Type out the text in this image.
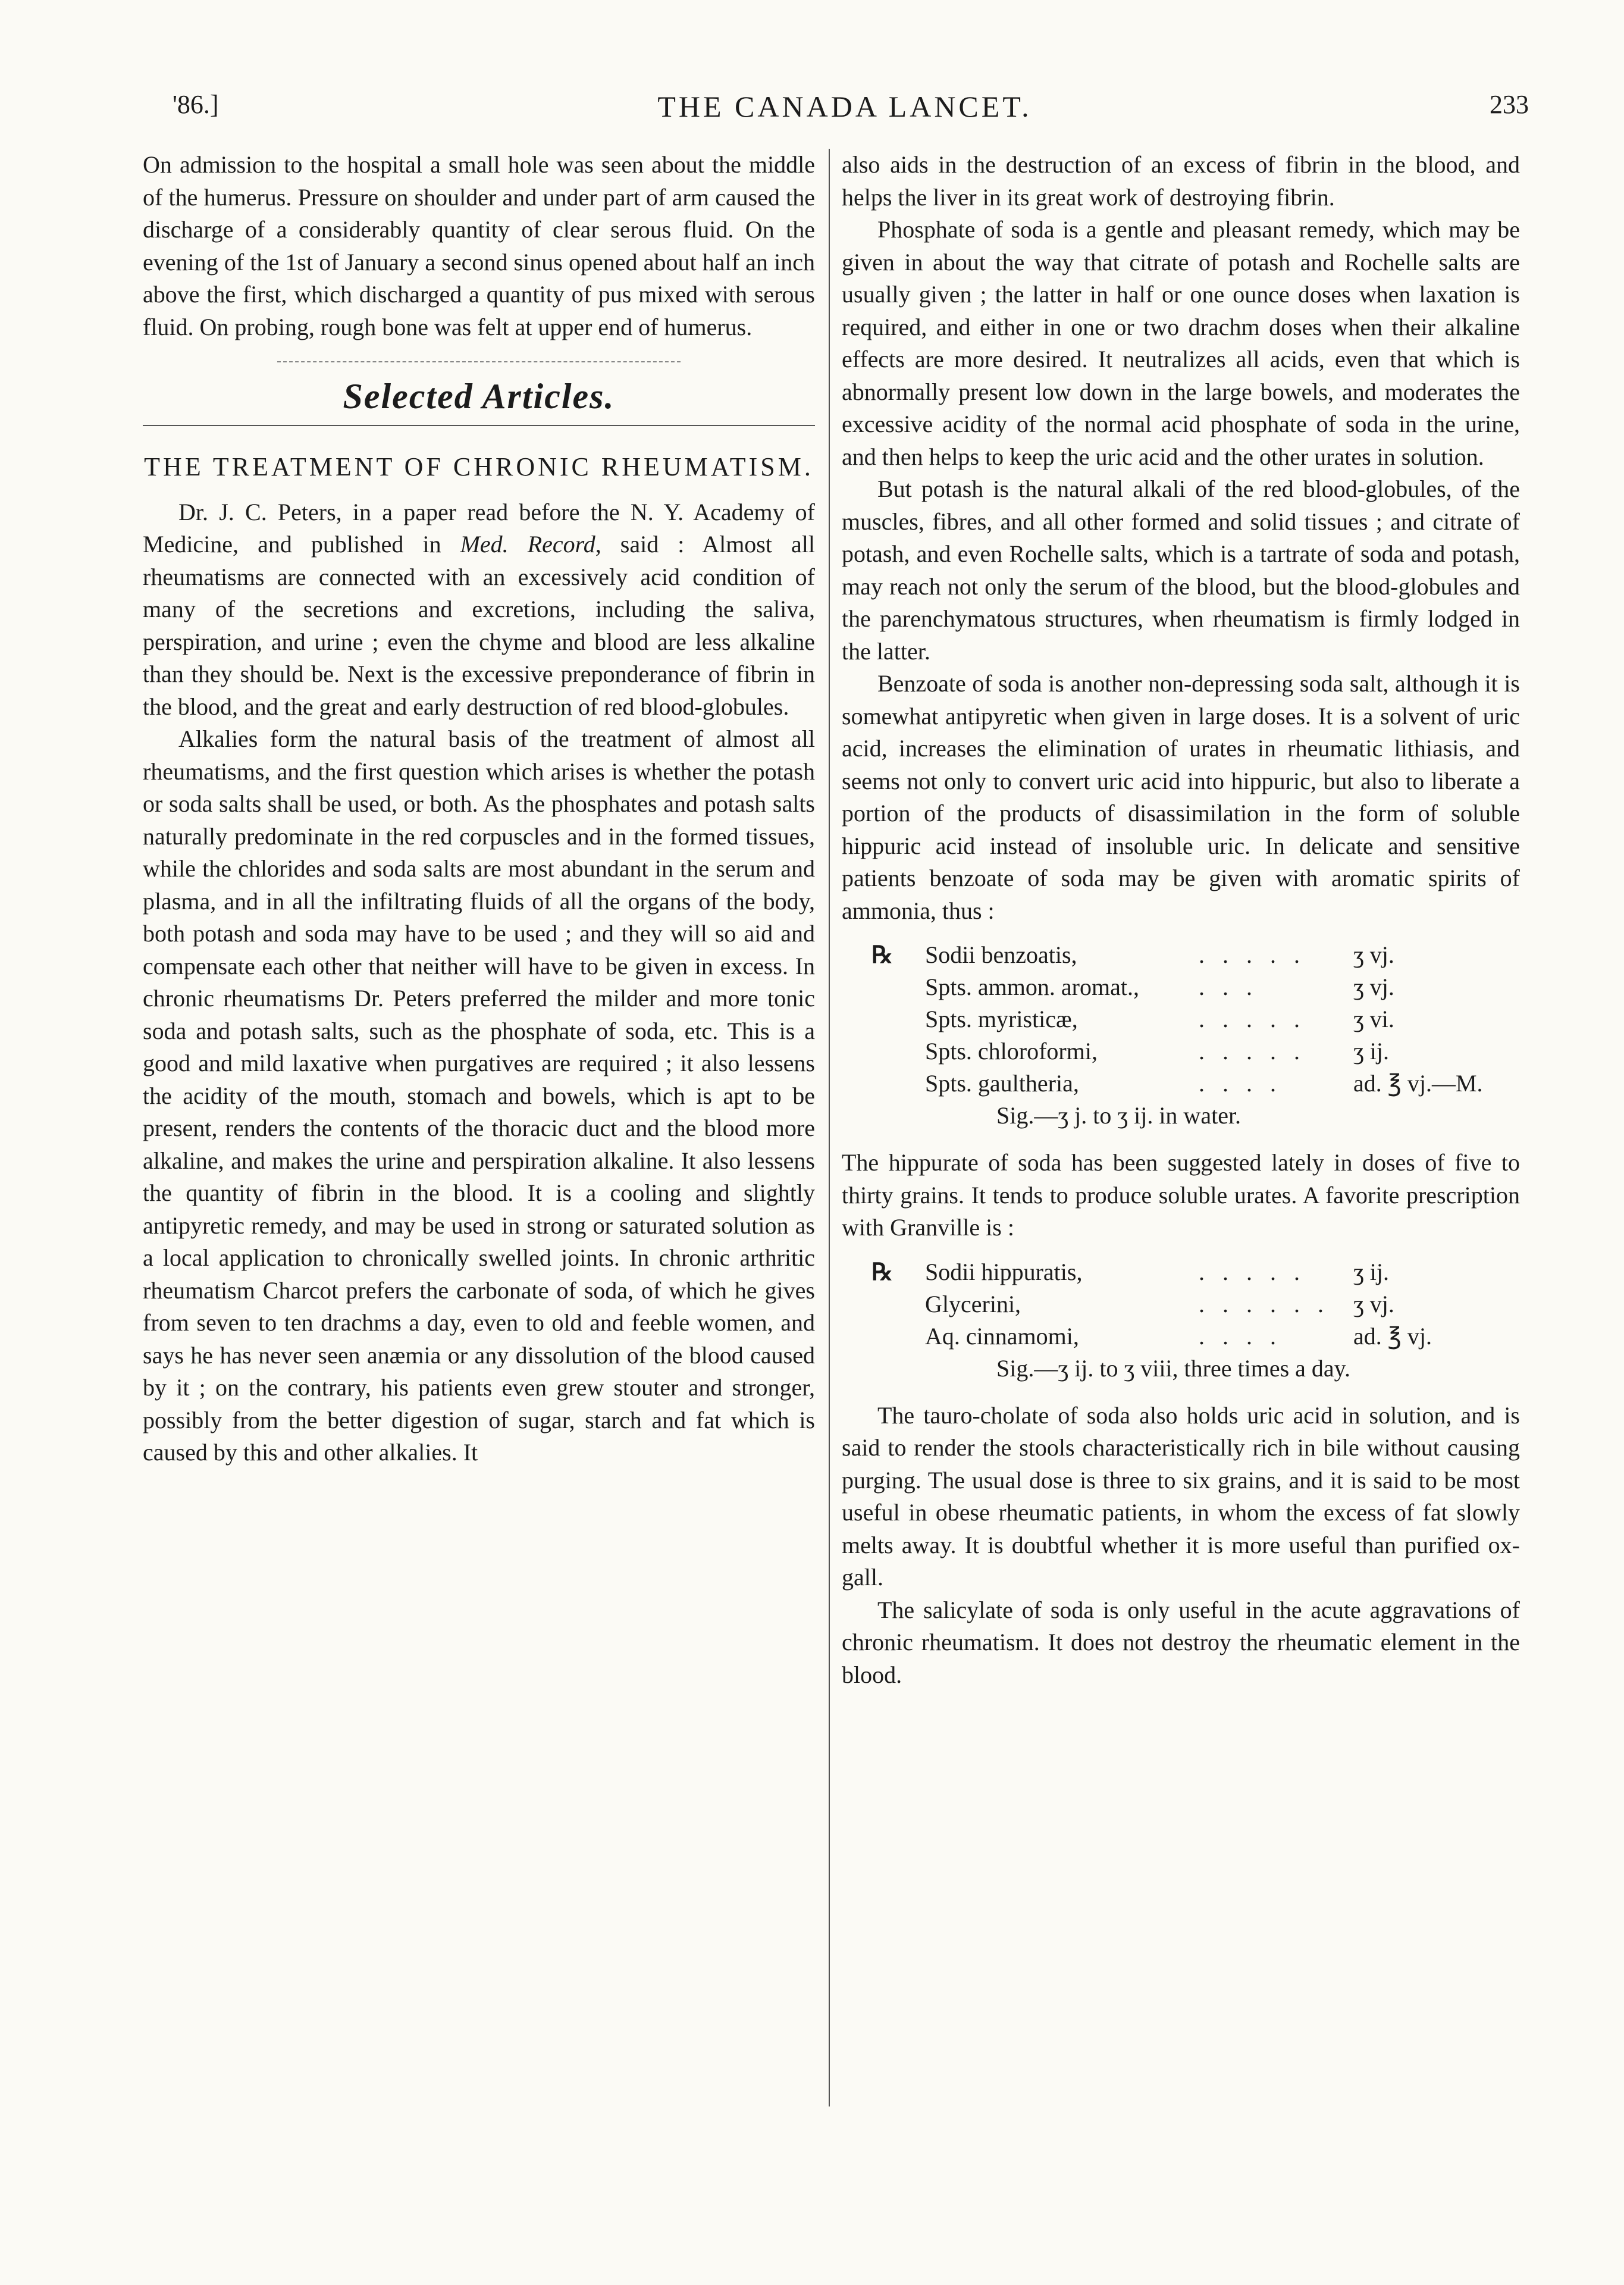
'86.]	THE CANADA LANCET.	233

On admission to the hospital a small hole was seen about the middle of the humerus. Pressure on shoulder and under part of arm caused the discharge of a considerably quantity of clear serous fluid. On the evening of the 1st of January a second sinus opened about half an inch above the first, which discharged a quantity of pus mixed with serous fluid. On probing, rough bone was felt at upper end of humerus.

Selected Articles.
THE TREATMENT OF CHRONIC RHEUMATISM.

Dr. J. C. Peters, in a paper read before the N. Y. Academy of Medicine, and published in Med. Record, said : Almost all rheumatisms are connected with an excessively acid condition of many of the secretions and excretions, including the saliva, perspiration, and urine ; even the chyme and blood are less alkaline than they should be. Next is the excessive preponderance of fibrin in the blood, and the great and early destruction of red blood-globules.

Alkalies form the natural basis of the treatment of almost all rheumatisms, and the first question which arises is whether the potash or soda salts shall be used, or both. As the phosphates and potash salts naturally predominate in the red corpuscles and in the formed tissues, while the chlorides and soda salts are most abundant in the serum and plasma, and in all the infiltrating fluids of all the organs of the body, both potash and soda may have to be used ; and they will so aid and compensate each other that neither will have to be given in excess. In chronic rheumatisms Dr. Peters preferred the milder and more tonic soda and potash salts, such as the phosphate of soda, etc. This is a good and mild laxative when purgatives are required ; it also lessens the acidity of the mouth, stomach and bowels, which is apt to be present, renders the contents of the thoracic duct and the blood more alkaline, and makes the urine and perspiration alkaline. It also lessens the quantity of fibrin in the blood. It is a cooling and slightly antipyretic remedy, and may be used in strong or saturated solution as a local application to chronically swelled joints. In chronic arthritic rheumatism Charcot prefers the carbonate of soda, of which he gives from seven to ten drachms a day, even to old and feeble women, and says he has never seen anæmia or any dissolution of the blood caused by it ; on the contrary, his patients even grew stouter and stronger, possibly from the better digestion of sugar, starch and fat which is caused by this and other alkalies. It

also aids in the destruction of an excess of fibrin in the blood, and helps the liver in its great work of destroying fibrin.

Phosphate of soda is a gentle and pleasant remedy, which may be given in about the way that citrate of potash and Rochelle salts are usually given ; the latter in half or one ounce doses when laxation is required, and either in one or two drachm doses when their alkaline effects are more desired. It neutralizes all acids, even that which is abnormally present low down in the large bowels, and moderates the excessive acidity of the normal acid phosphate of soda in the urine, and then helps to keep the uric acid and the other urates in solution.

But potash is the natural alkali of the red blood-globules, of the muscles, fibres, and all other formed and solid tissues ; and citrate of potash, and even Rochelle salts, which is a tartrate of soda and potash, may reach not only the serum of the blood, but the blood-globules and the parenchymatous structures, when rheumatism is firmly lodged in the latter.

Benzoate of soda is another non-depressing soda salt, although it is somewhat antipyretic when given in large doses. It is a solvent of uric acid, increases the elimination of urates in rheumatic lithiasis, and seems not only to convert uric acid into hippuric, but also to liberate a portion of the products of disassimilation in the form of soluble hippuric acid instead of insoluble uric. In delicate and sensitive patients benzoate of soda may be given with aromatic spirits of ammonia, thus :

℞	Sodii benzoatis,	. . . . .	ʒ vj.
Spts. ammon. aromat.,	. . .	ʒ vj.
Spts. myristicæ,	. . . . .	ʒ vi.
Spts. chloroformi,	. . . . .	ʒ ij.
Spts. gaultheria,	. . . .	ad. ℥ vj.—M.
Sig.—ʒ j. to ʒ ij. in water.

The hippurate of soda has been suggested lately in doses of five to thirty grains. It tends to produce soluble urates. A favorite prescription with Granville is :

℞	Sodii hippuratis,	. . . . .	ʒ ij.
Glycerini,	. . . . . .	ʒ vj.
Aq. cinnamomi,	. . . .	ad. ℥ vj.
Sig.—ʒ ij. to ʒ viii, three times a day.

The tauro-cholate of soda also holds uric acid in solution, and is said to render the stools characteristically rich in bile without causing purging. The usual dose is three to six grains, and it is said to be most useful in obese rheumatic patients, in whom the excess of fat slowly melts away. It is doubtful whether it is more useful than purified ox-gall.

The salicylate of soda is only useful in the acute aggravations of chronic rheumatism. It does not destroy the rheumatic element in the blood.
